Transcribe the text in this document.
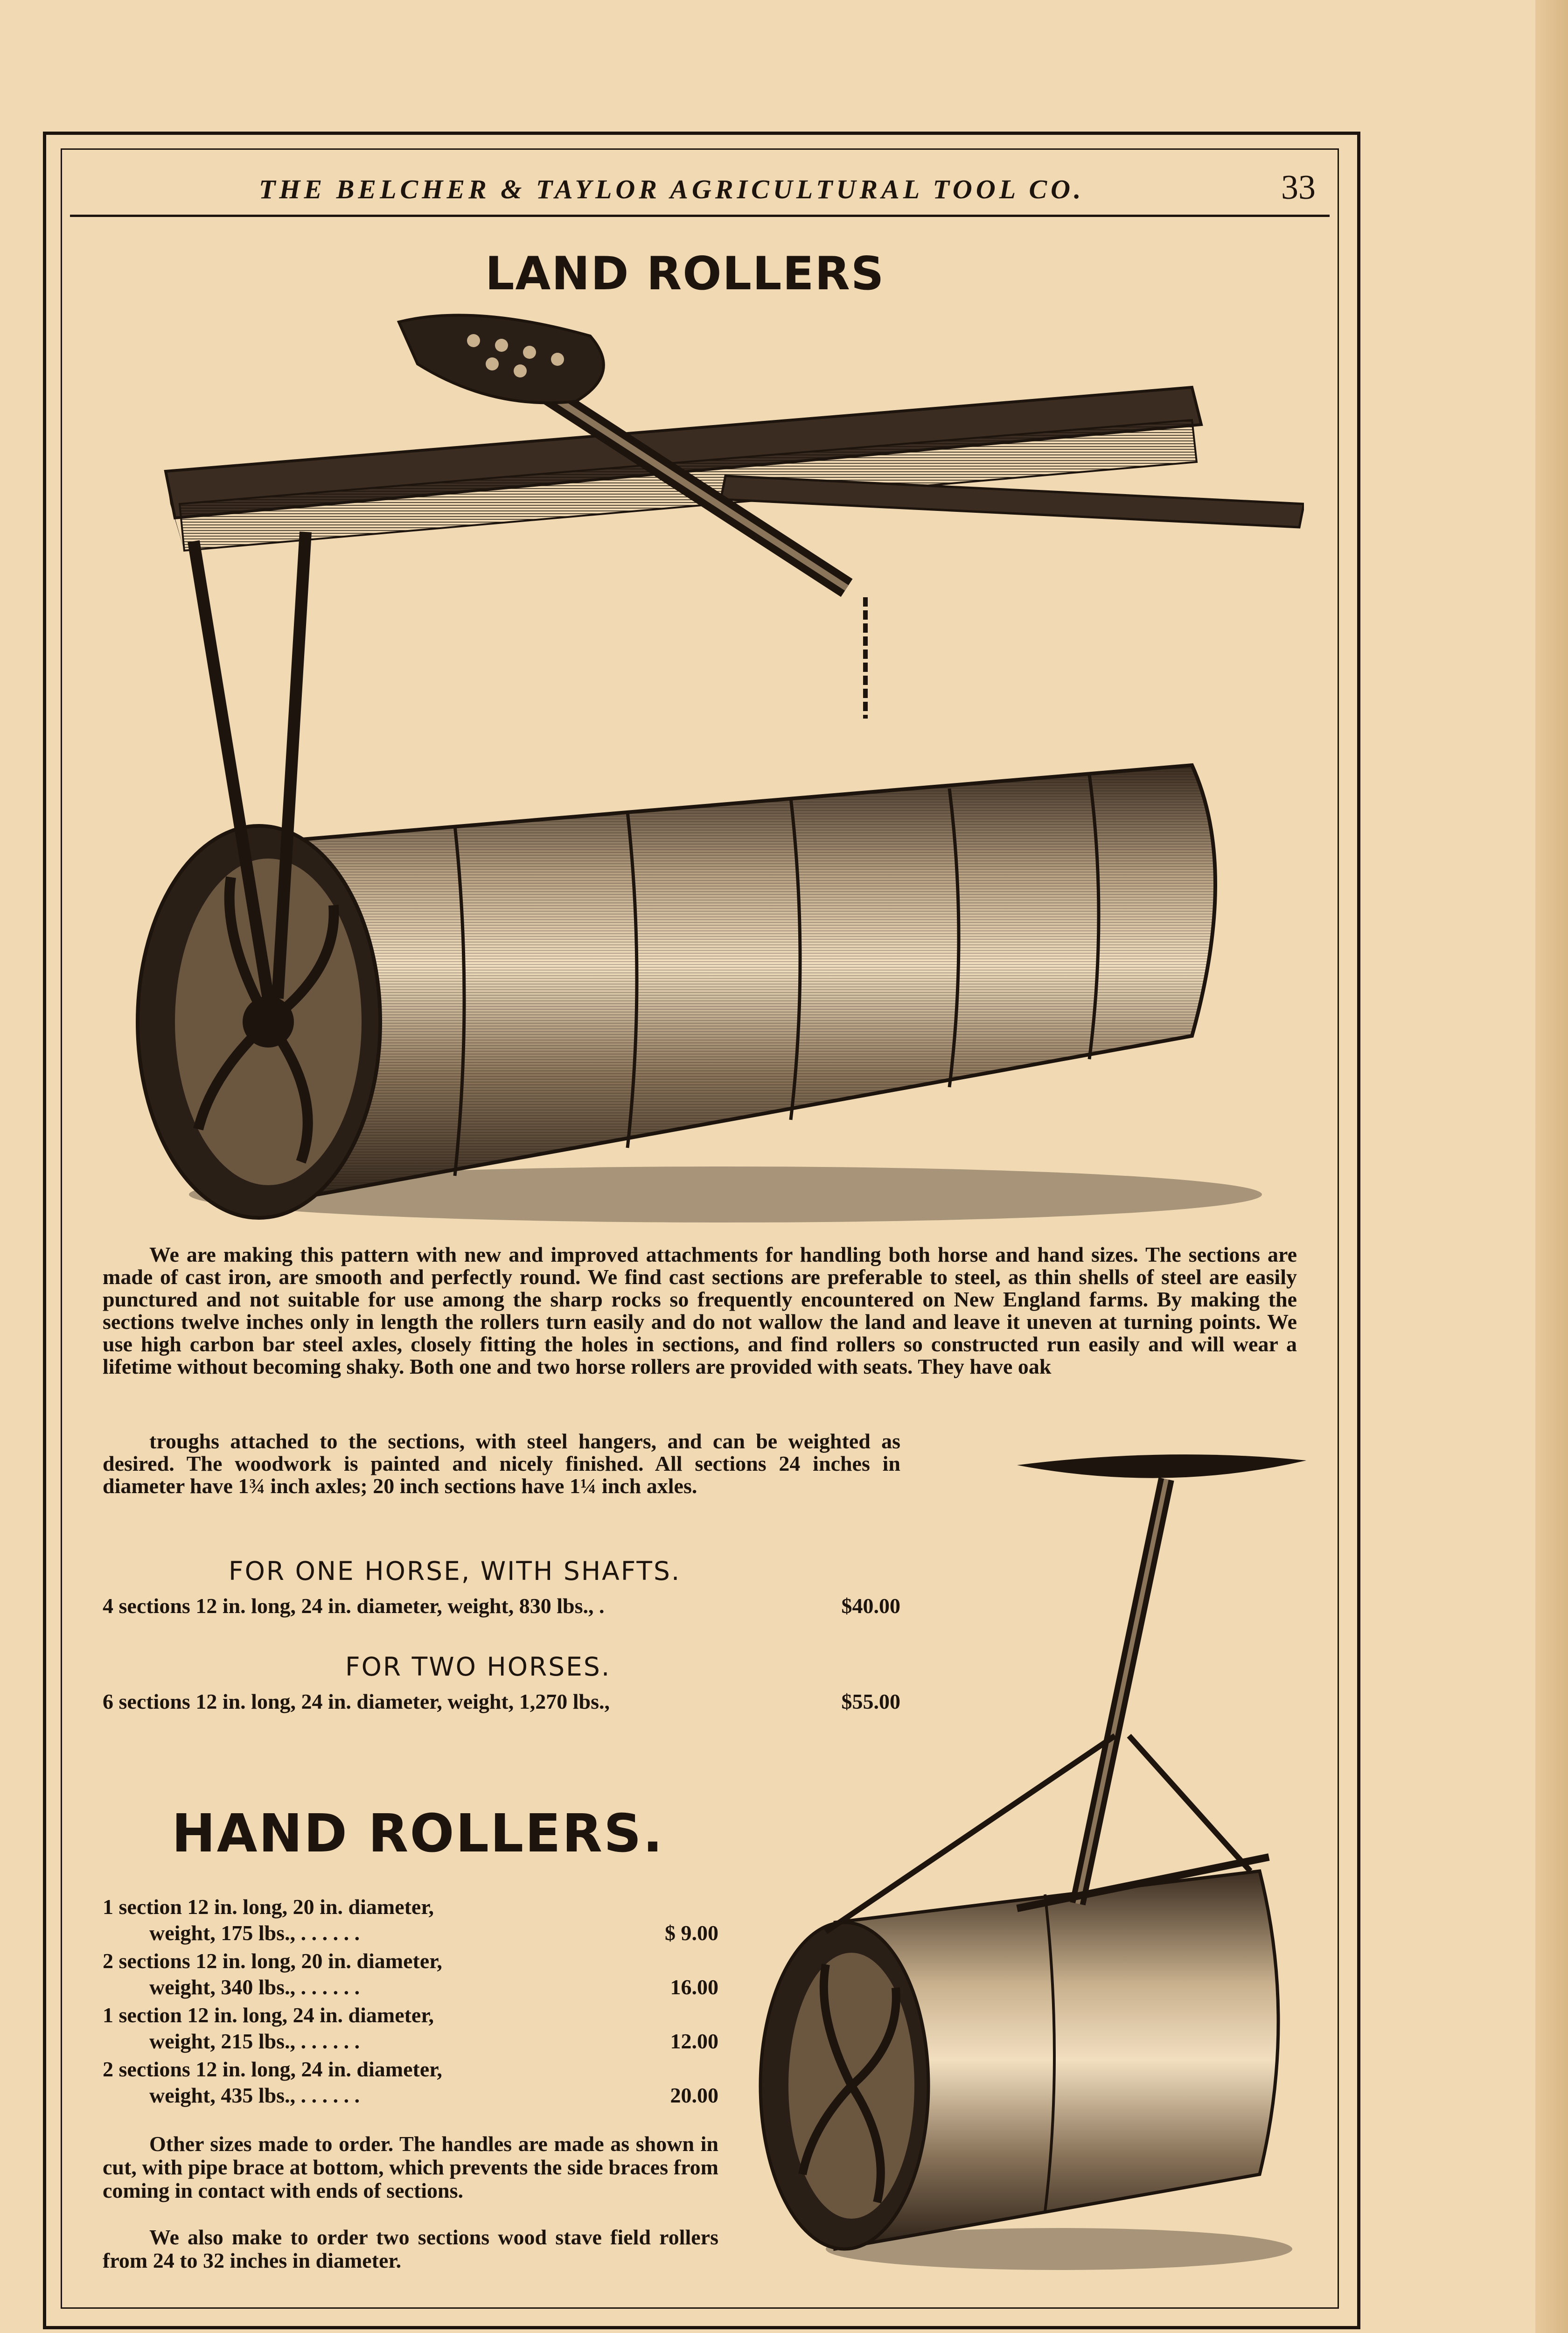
THE BELCHER & TAYLOR AGRICULTURAL TOOL CO.	33
LAND ROLLERS

We are making this pattern with new and improved attachments for handling both horse and hand sizes. The sections are made of cast iron, are smooth and perfectly round. We find cast sections are preferable to steel, as thin shells of steel are easily punctured and not suitable for use among the sharp rocks so frequently encountered on New England farms. By making the sections twelve inches only in length the rollers turn easily and do not wallow the land and leave it uneven at turning points. We use high carbon bar steel axles, closely fitting the holes in sections, and find rollers so constructed run easily and will wear a lifetime without becoming shaky. Both one and two horse rollers are provided with seats. They have oak

troughs attached to the sections, with steel hangers, and can be weighted as desired. The woodwork is painted and nicely finished. All sections 24 inches in diameter have 1¾ inch axles; 20 inch sections have 1¼ inch axles.

FOR ONE HORSE, WITH SHAFTS.
4 sections 12 in. long, 24 in. diameter, weight, 830 lbs., .	$40.00
FOR TWO HORSES.
6 sections 12 in. long, 24 in. diameter, weight, 1,270 lbs.,	$55.00
HAND ROLLERS.
1 section 12 in. long, 20 in. diameter,
weight, 175 lbs., . . . . . .	$ 9.00
2 sections 12 in. long, 20 in. diameter,
weight, 340 lbs., . . . . . .	16.00
1 section 12 in. long, 24 in. diameter,
weight, 215 lbs., . . . . . .	12.00
2 sections 12 in. long, 24 in. diameter,
weight, 435 lbs., . . . . . .	20.00

Other sizes made to order. The handles are made as shown in cut, with pipe brace at bottom, which prevents the side braces from coming in contact with ends of sections.

We also make to order two sections wood stave field rollers from 24 to 32 inches in diameter.
